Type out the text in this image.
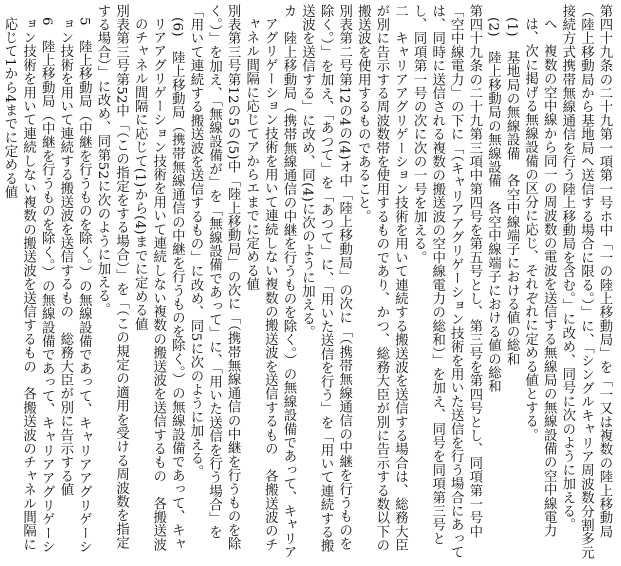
第四十九条の二十九第一項第一号ホ中「一の陸上移動局」を「一又は複数の陸上移動局（陸上移動局から基地局へ送信する場合に限る。）」に、「シングルキャリア周波数分割多元接続方式携帯無線通信を行う陸上移動局を含む。」に改め、同号に次のように加える。

へ　複数の空中線から同一の周波数の電波を送信する無線局の無線設備の空中線電力は、次に掲げる無線設備の区分に応じ、それぞれに定める値とする。

(1)　基地局の無線設備　各空中線端子における値の総和

(2)　陸上移動局の無線設備　各空中線端子における値の総和

第四十九条の二十九第三項中第四号を第五号とし、第三号を第四号とし、同項第一号中「空中線電力」の下に「（キャリアアグリゲーション技術を用いた送信を行う場合にあっては、同時に送信される複数の搬送波の空中線電力の総和）」を加え、同号を同項第三号とし、同項第一号の次に次の一号を加える。

二　キャリアアグリゲーション技術を用いて連続する搬送波を送信する場合は、総務大臣が別に告示する周波数帯を使用するものであり、かつ、総務大臣が別に告示する数以下の搬送波を使用するものであること。

別表第二号第12の4の(4)オ中「陸上移動局」の次に「（携帯無線通信の中継を行うものを除く。）」を加え、「あつて」を「あつて」に、「用いた送信を行う」を「用いて連続する搬送波を送信する」に改め、同(4)に次のように加える。

カ　陸上移動局（携帯無線通信の中継を行うものを除く。）の無線設備であって、キャリアアグリゲーション技術を用いて連続しない複数の搬送波を送信するもの　各搬送波のチャネル間隔に応じてアからエまでに定める値

別表第三号第12の5の(5)中「陸上移動局」の次に「（携帯無線通信の中継を行うものを除く。）」を加え、「無線設備が」を「無線設備であって」に、「用いた送信を行う場合」を「用いて連続する搬送波を送信するもの」に改め、同5に次のように加える。

(6)　陸上移動局（携帯無線通信の中継を行うものを除く。）の無線設備であって、キャリアアグリゲーション技術を用いて連続しない複数の搬送波を送信するもの　各搬送波のチャネル間隔に応じて(1)から(4)までに定める値

別表第三号第52中「（この指定をする場合）」を「（この規定の適用を受ける周波数を指定する場合）」に改め、同第52に次のように加える。

5　陸上移動局（中継を行うものを除く。）の無線設備であって、キャリアアグリゲーション技術を用いて連続する搬送波を送信するもの　総務大臣が別に告示する値

6　陸上移動局（中継を行うものを除く。）の無線設備であって、キャリアアグリゲーション技術を用いて連続しない複数の搬送波を送信するもの　各搬送波のチャネル間隔に応じて1から4までに定める値
